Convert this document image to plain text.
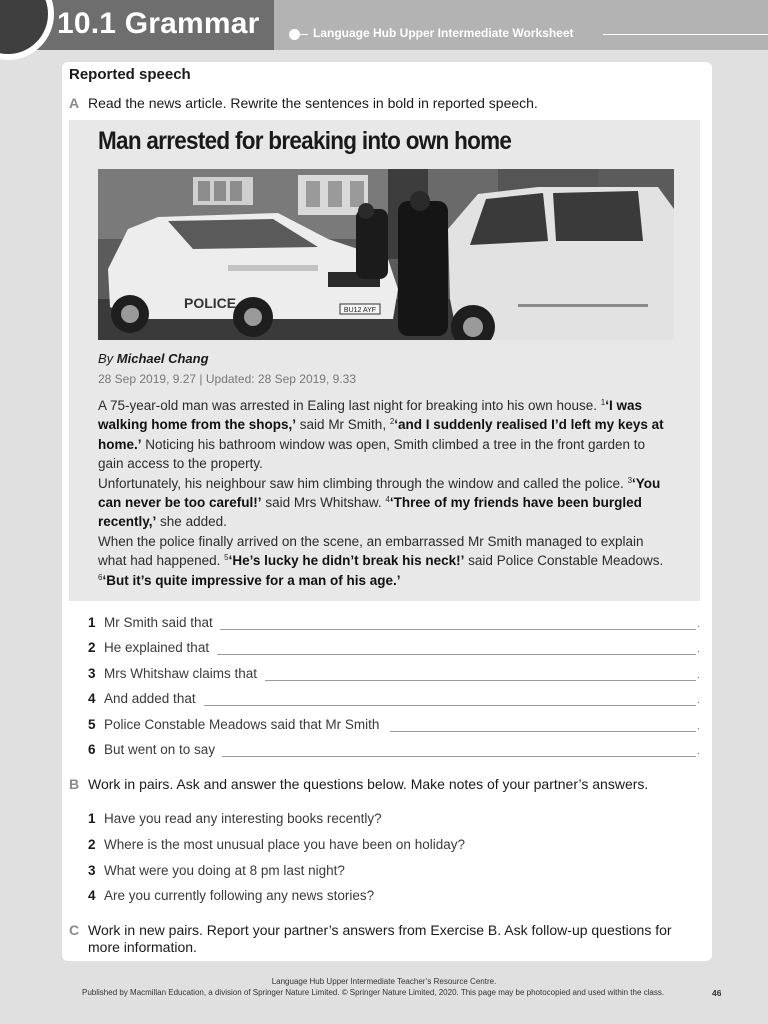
10.1 Grammar	Language Hub Upper Intermediate Worksheet
Reported speech
A Read the news article. Rewrite the sentences in bold in reported speech.
Man arrested for breaking into own home
BU12 AYF
POLICE
By Michael Chang
28 Sep 2019, 9.27 | Updated: 28 Sep 2019, 9.33

A 75-year-old man was arrested in Ealing last night for breaking into his own house. $^1$‘I was walking home from the shops,’ said Mr Smith, $^2$‘and I suddenly realised I’d left my keys at home.’ Noticing his bathroom window was open, Smith climbed a tree in the front garden to gain access to the property.

Unfortunately, his neighbour saw him climbing through the window and called the police. $^3$‘You can never be too careful!’ said Mrs Whitshaw. $^4$‘Three of my friends have been burgled recently,’ she added.

When the police finally arrived on the scene, an embarrassed Mr Smith managed to explain what had happened. $^5$‘He’s lucky he didn’t break his neck!’ said Police Constable Meadows. $^6$‘But it’s quite impressive for a man of his age.’

1 Mr Smith said that	.
2 He explained that	.
3 Mrs Whitshaw claims that	.
4 And added that	.
5 Police Constable Meadows said that Mr Smith	.
6 But went on to say	.
B Work in pairs. Ask and answer the questions below. Make notes of your partner’s answers.
1 Have you read any interesting books recently?
2 Where is the most unusual place you have been on holiday?
3 What were you doing at 8 pm last night?
4 Are you currently following any news stories?
C Work in new pairs. Report your partner’s answers from Exercise B. Ask follow-up questions for more information.
Language Hub Upper Intermediate Teacher’s Resource Centre.
Published by Macmillan Education, a division of Springer Nature Limited. © Springer Nature Limited, 2020. This page may be photocopied and used within the class.	46
